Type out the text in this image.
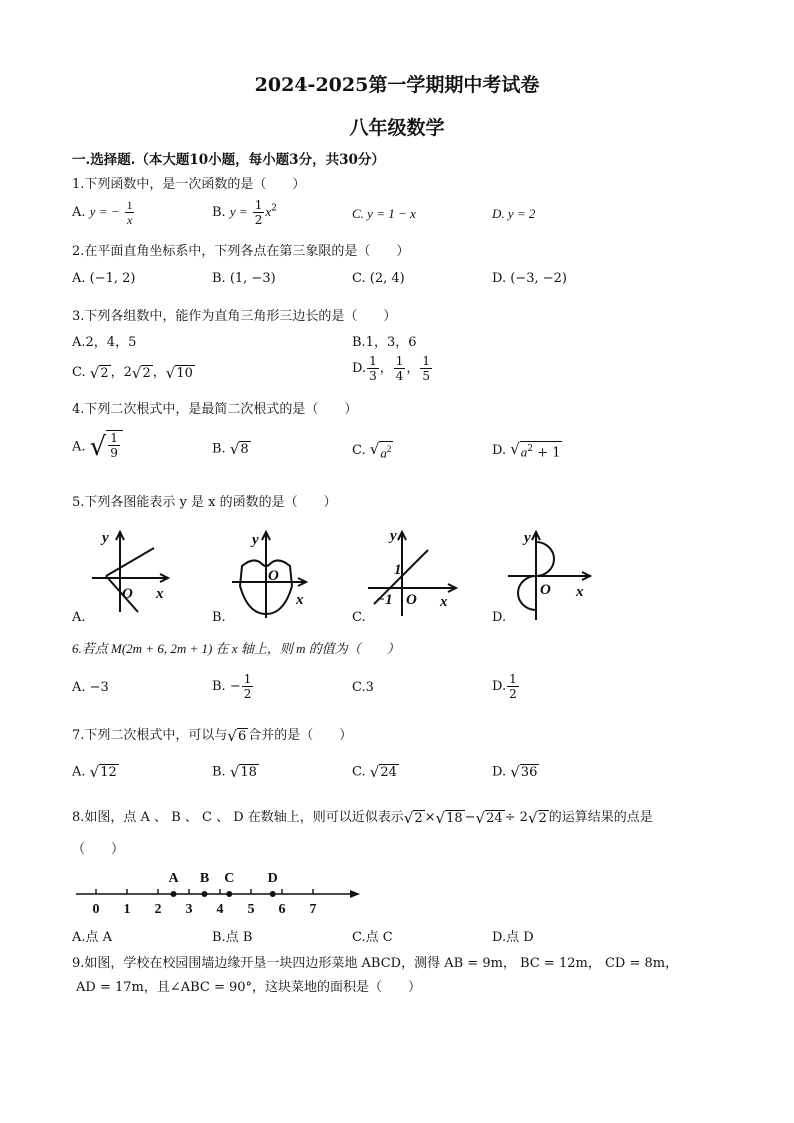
2024-2025第一学期期中考试卷
八年级数学
一.选择题.（本大题10小题，每小题3分，共30分）
1.下列函数中，是一次函数的是（　　）
A. y = − $\frac{1}{x}$	B. $y = \frac{1}{2} x^2$	C. y = 1 − x	D. y = 2
2.在平面直角坐标系中，下列各点在第三象限的是（　　）
A. (−1, 2)	B. (1, −3)	C. (2, 4)	D. (−3, −2)
3.下列各组数中，能作为直角三角形三边长的是（　　）
A.2，4，5	B.1，3，6
C. √ 2 ，2 √ 2 ， √ 10	D. $\frac{1}{3}$ ， $\frac{1}{4}$ ， $\frac{1}{5}$
4.下列二次根式中，是最简二次根式的是（　　）
A. √ $\frac{1}{9}$	B. √ 8	C. √ $a^2$	D. √ $a^2 + 1$
5.下列各图能表示 y 是 x 的函数的是（　　）
y
O x
y
O
x
y
1
−1 O x
y
O x
A.	B.	C.	D.
6.若点 M(2m + 6, 2m + 1) 在 x 轴上，则 m 的值为（　　）
A. −3	B. − $\frac{1}{2}$	C.3	D. $\frac{1}{2}$
7.下列二次根式中，可以与 √ 6 合并的是（　　）
A. √ 12	B. √ 18	C. √ 24	D. √ 36
8.如图，点 A 、 B 、 C 、 D 在数轴上，则可以近似表示 √ 2 × √ 18 − √ 24 ÷ 2 √ 2 的运算结果的点是
（　　）
0 1 2 3 4 5 6 7
A B C D
A.点 A	B.点 B	C.点 C	D.点 D
9.如图，学校在校园围墙边缘开垦一块四边形菜地 ABCD，测得 AB = 9m， BC = 12m， CD = 8m，
AD = 17m，且∠ABC = 90°，这块菜地的面积是（　　）
